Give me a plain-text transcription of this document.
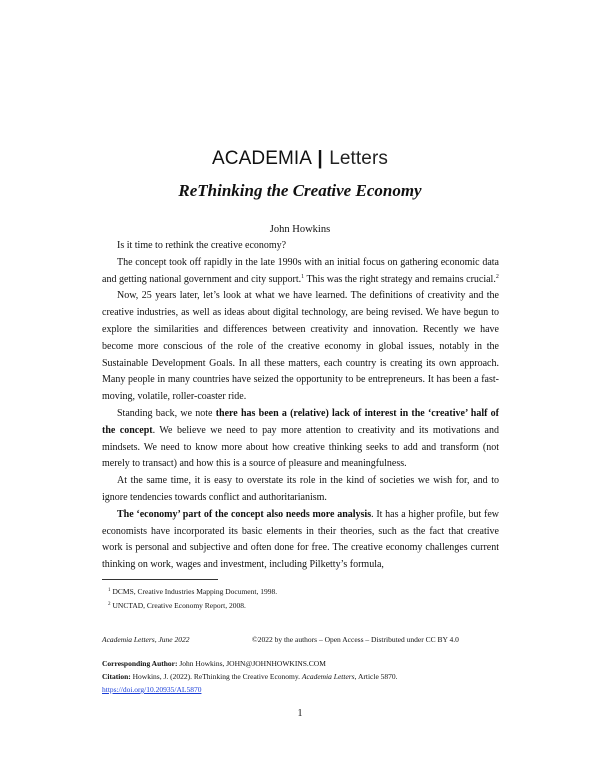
ACADEMIA | Letters
ReThinking the Creative Economy
John Howkins

Is it time to rethink the creative economy?

The concept took off rapidly in the late 1990s with an initial focus on gathering economic data and getting national government and city support.$^1$ This was the right strategy and remains crucial.$^2$

Now, 25 years later, let’s look at what we have learned. The definitions of creativity and the creative industries, as well as ideas about digital technology, are being revised. We have begun to explore the similarities and differences between creativity and innovation. Recently we have become more conscious of the role of the creative economy in global issues, notably in the Sustainable Development Goals. In all these matters, each country is creating its own approach. Many people in many countries have seized the opportunity to be entrepreneurs. It has been a fast-moving, volatile, roller-coaster ride.

Standing back, we note there has been a (relative) lack of interest in the ‘creative’ half of the concept. We believe we need to pay more attention to creativity and its motivations and mindsets. We need to know more about how creative thinking seeks to add and transform (not merely to transact) and how this is a source of pleasure and meaningfulness.

At the same time, it is easy to overstate its role in the kind of societies we wish for, and to ignore tendencies towards conflict and authoritarianism.

The ‘economy’ part of the concept also needs more analysis. It has a higher profile, but few economists have incorporated its basic elements in their theories, such as the fact that creative work is personal and subjective and often done for free. The creative economy challenges current thinking on work, wages and investment, including Pilketty’s formula,

$^1$ DCMS, Creative Industries Mapping Document, 1998.
$^2$ UNCTAD, Creative Economy Report, 2008.
Academia Letters, June 2022	©2022 by the authors – Open Access – Distributed under CC BY 4.0
Corresponding Author: John Howkins, JOHN@JOHNHOWKINS.COM
Citation: Howkins, J. (2022). ReThinking the Creative Economy. Academia Letters, Article 5870.
https://doi.org/10.20935/AL5870
1
